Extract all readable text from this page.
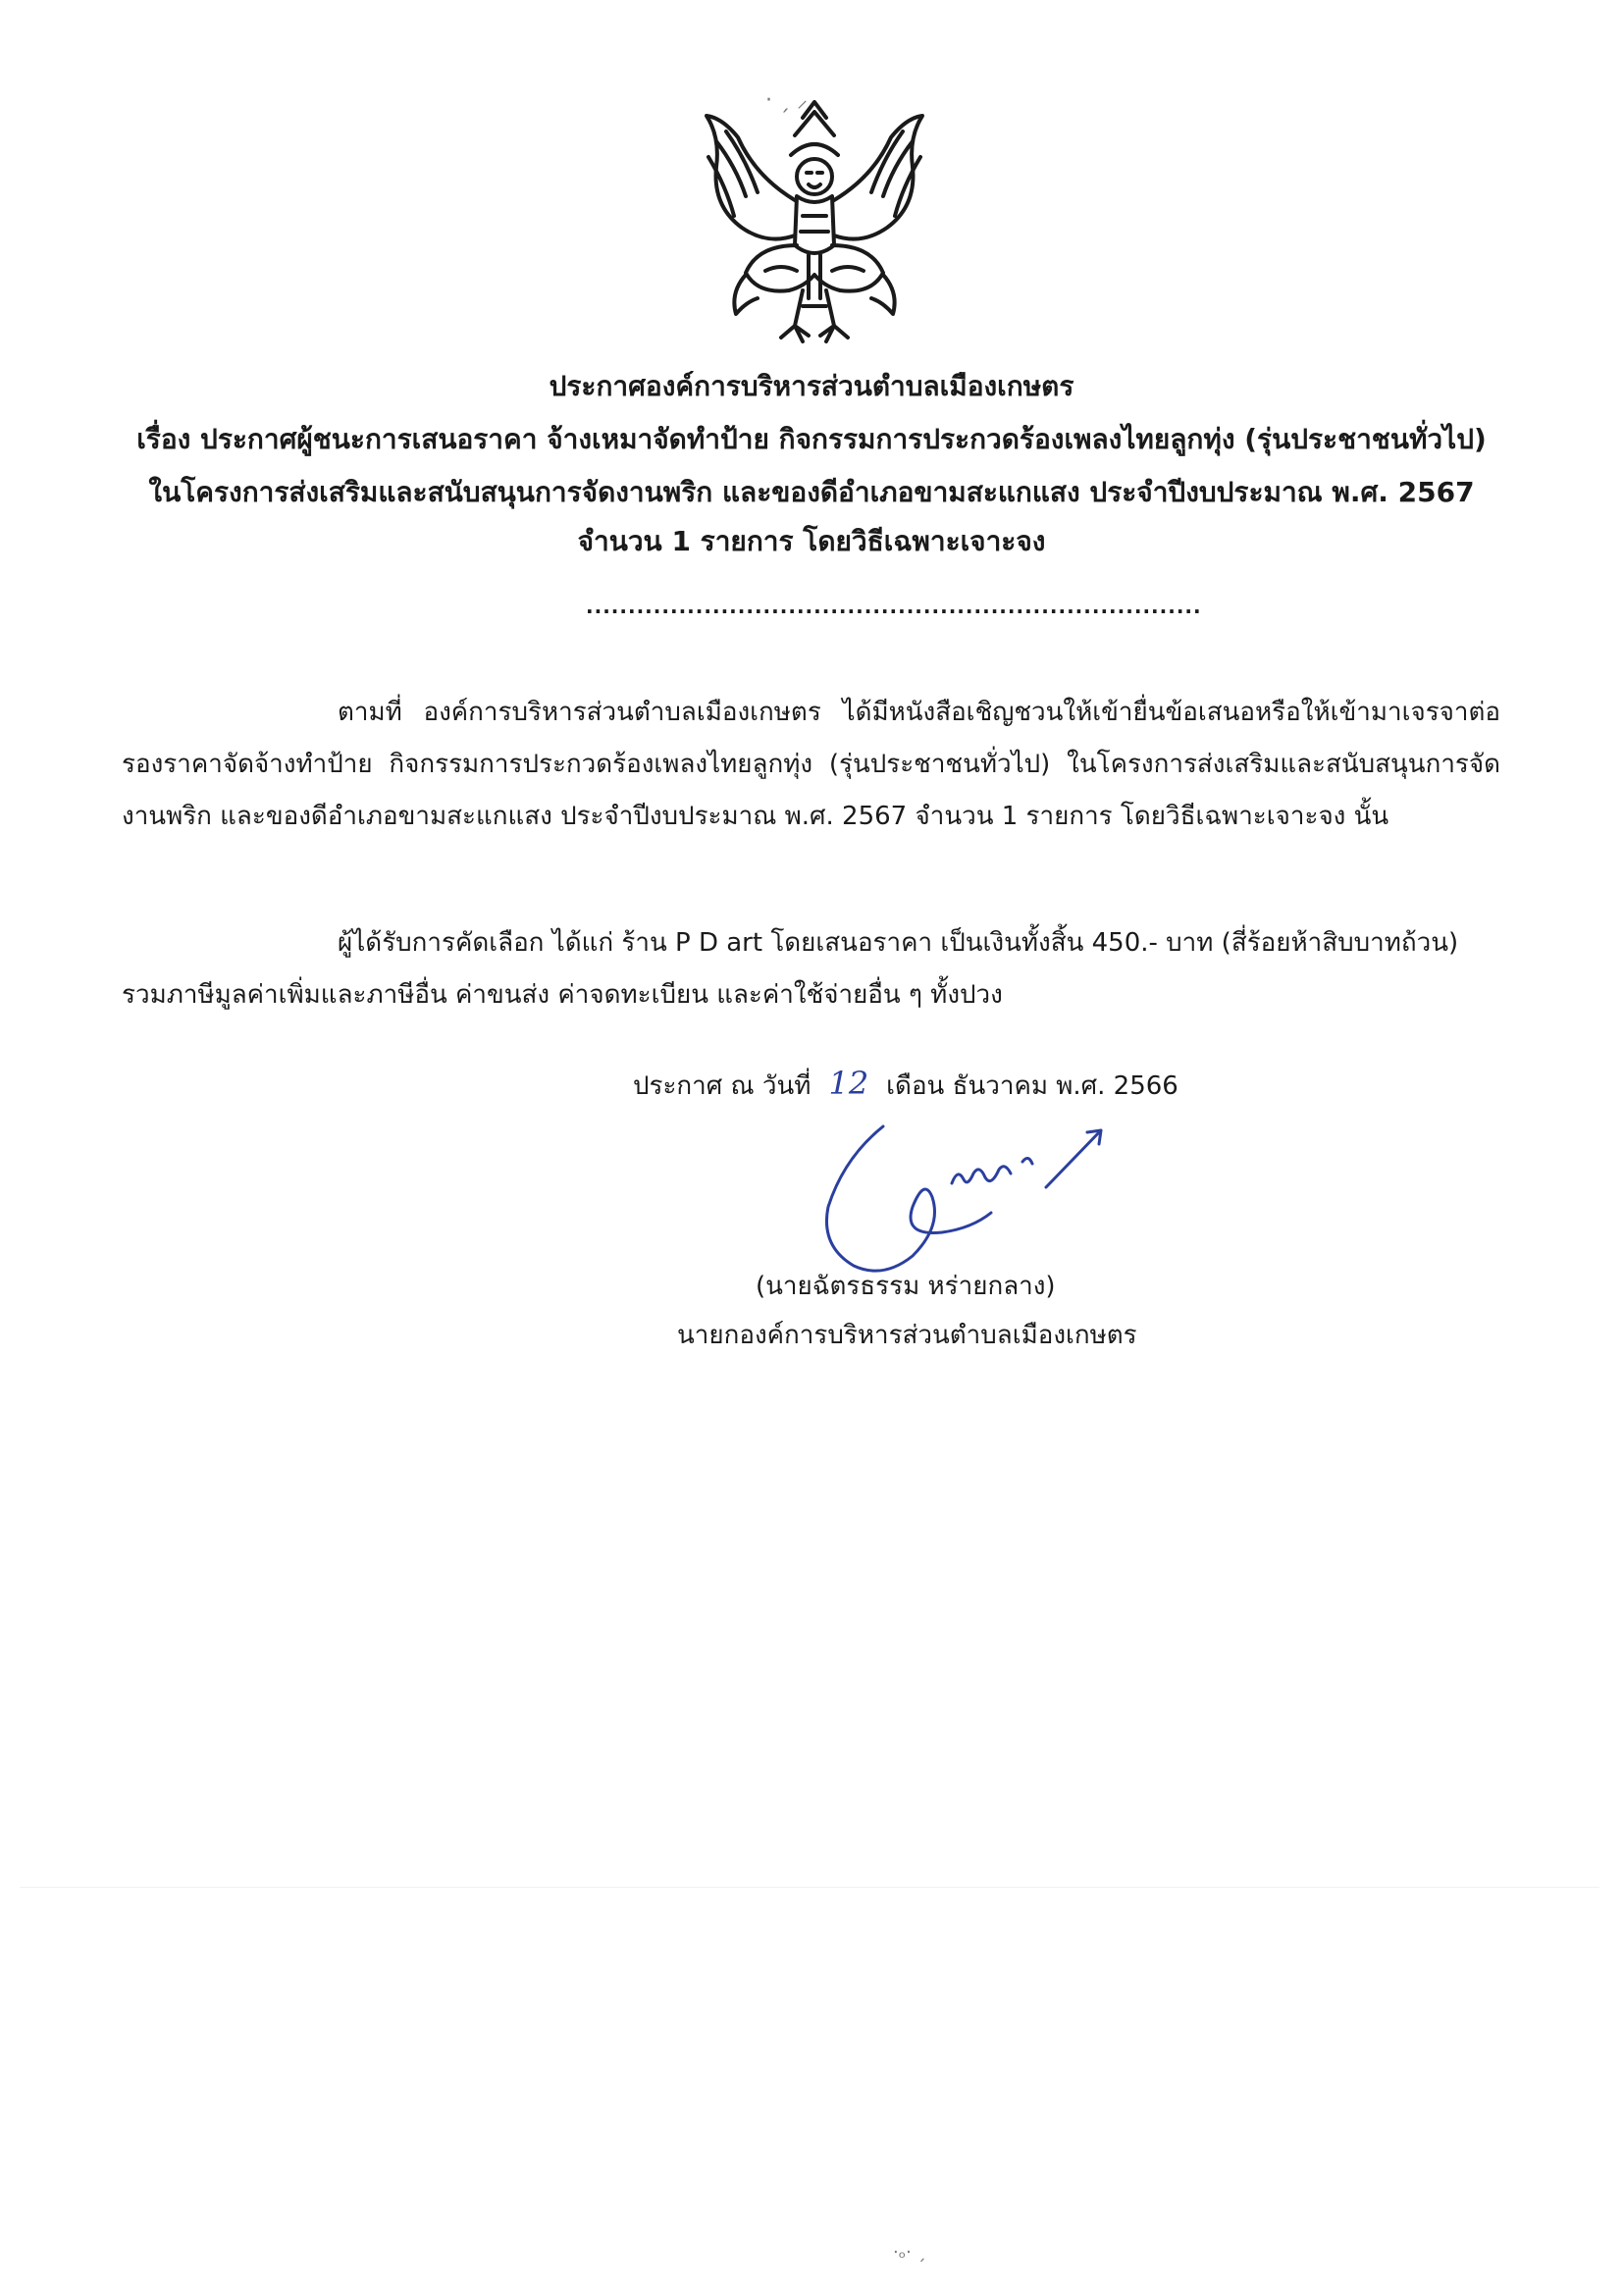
· ˏ ⸝
ประกาศองค์การบริหารส่วนตำบลเมืองเกษตร
เรื่อง ประกาศผู้ชนะการเสนอราคา จ้างเหมาจัดทำป้าย กิจกรรมการประกวดร้องเพลงไทยลูกทุ่ง (รุ่นประชาชนทั่วไป)
ในโครงการส่งเสริมและสนับสนุนการจัดงานพริก และของดีอำเภอขามสะแกแสง ประจำปีงบประมาณ พ.ศ. 2567
จำนวน 1 รายการ โดยวิธีเฉพาะเจาะจง
.........................................................................
ตามที่ องค์การบริหารส่วนตำบลเมืองเกษตร ได้มีหนังสือเชิญชวนให้เข้ายื่นข้อเสนอหรือให้เข้ามาเจรจาต่อรองราคาจัดจ้างทำป้าย กิจกรรมการประกวดร้องเพลงไทยลูกทุ่ง (รุ่นประชาชนทั่วไป) ในโครงการส่งเสริมและสนับสนุนการจัดงานพริก และของดีอำเภอขามสะแกแสง ประจำปีงบประมาณ พ.ศ. 2567 จำนวน 1 รายการ โดยวิธีเฉพาะเจาะจง นั้น
ผู้ได้รับการคัดเลือก ได้แก่ ร้าน P D art โดยเสนอราคา เป็นเงินทั้งสิ้น 450.- บาท (สี่ร้อยห้าสิบบาทถ้วน) รวมภาษีมูลค่าเพิ่มและภาษีอื่น ค่าขนส่ง ค่าจดทะเบียน และค่าใช้จ่ายอื่น ๆ ทั้งปวง
ประกาศ ณ วันที่ 12 เดือน ธันวาคม พ.ศ. 2566
(นายฉัตรธรรม หร่ายกลาง)
นายกองค์การบริหารส่วนตำบลเมืองเกษตร
·ₒ· ˏ
